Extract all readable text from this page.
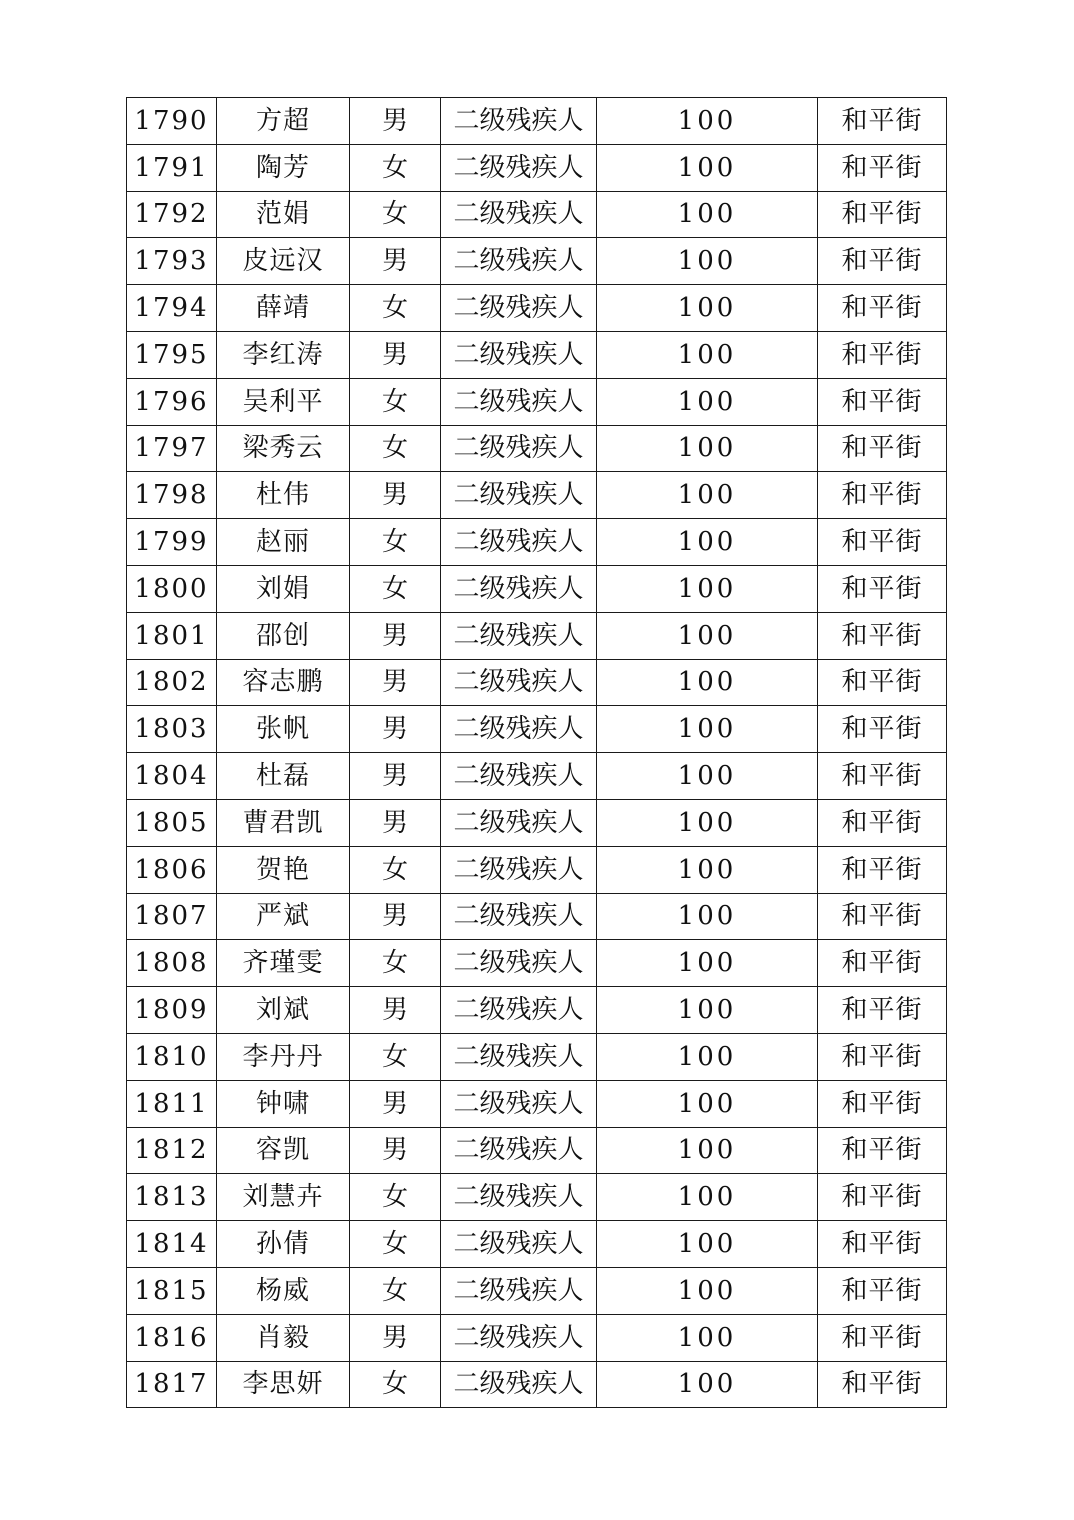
1790	方超	男	二级残疾人	100	和平街
1791	陶芳	女	二级残疾人	100	和平街
1792	范娟	女	二级残疾人	100	和平街
1793	皮远汉	男	二级残疾人	100	和平街
1794	薛靖	女	二级残疾人	100	和平街
1795	李红涛	男	二级残疾人	100	和平街
1796	吴利平	女	二级残疾人	100	和平街
1797	梁秀云	女	二级残疾人	100	和平街
1798	杜伟	男	二级残疾人	100	和平街
1799	赵丽	女	二级残疾人	100	和平街
1800	刘娟	女	二级残疾人	100	和平街
1801	邵创	男	二级残疾人	100	和平街
1802	容志鹏	男	二级残疾人	100	和平街
1803	张帆	男	二级残疾人	100	和平街
1804	杜磊	男	二级残疾人	100	和平街
1805	曹君凯	男	二级残疾人	100	和平街
1806	贺艳	女	二级残疾人	100	和平街
1807	严斌	男	二级残疾人	100	和平街
1808	齐瑾雯	女	二级残疾人	100	和平街
1809	刘斌	男	二级残疾人	100	和平街
1810	李丹丹	女	二级残疾人	100	和平街
1811	钟啸	男	二级残疾人	100	和平街
1812	容凯	男	二级残疾人	100	和平街
1813	刘慧卉	女	二级残疾人	100	和平街
1814	孙倩	女	二级残疾人	100	和平街
1815	杨威	女	二级残疾人	100	和平街
1816	肖毅	男	二级残疾人	100	和平街
1817	李思妍	女	二级残疾人	100	和平街
